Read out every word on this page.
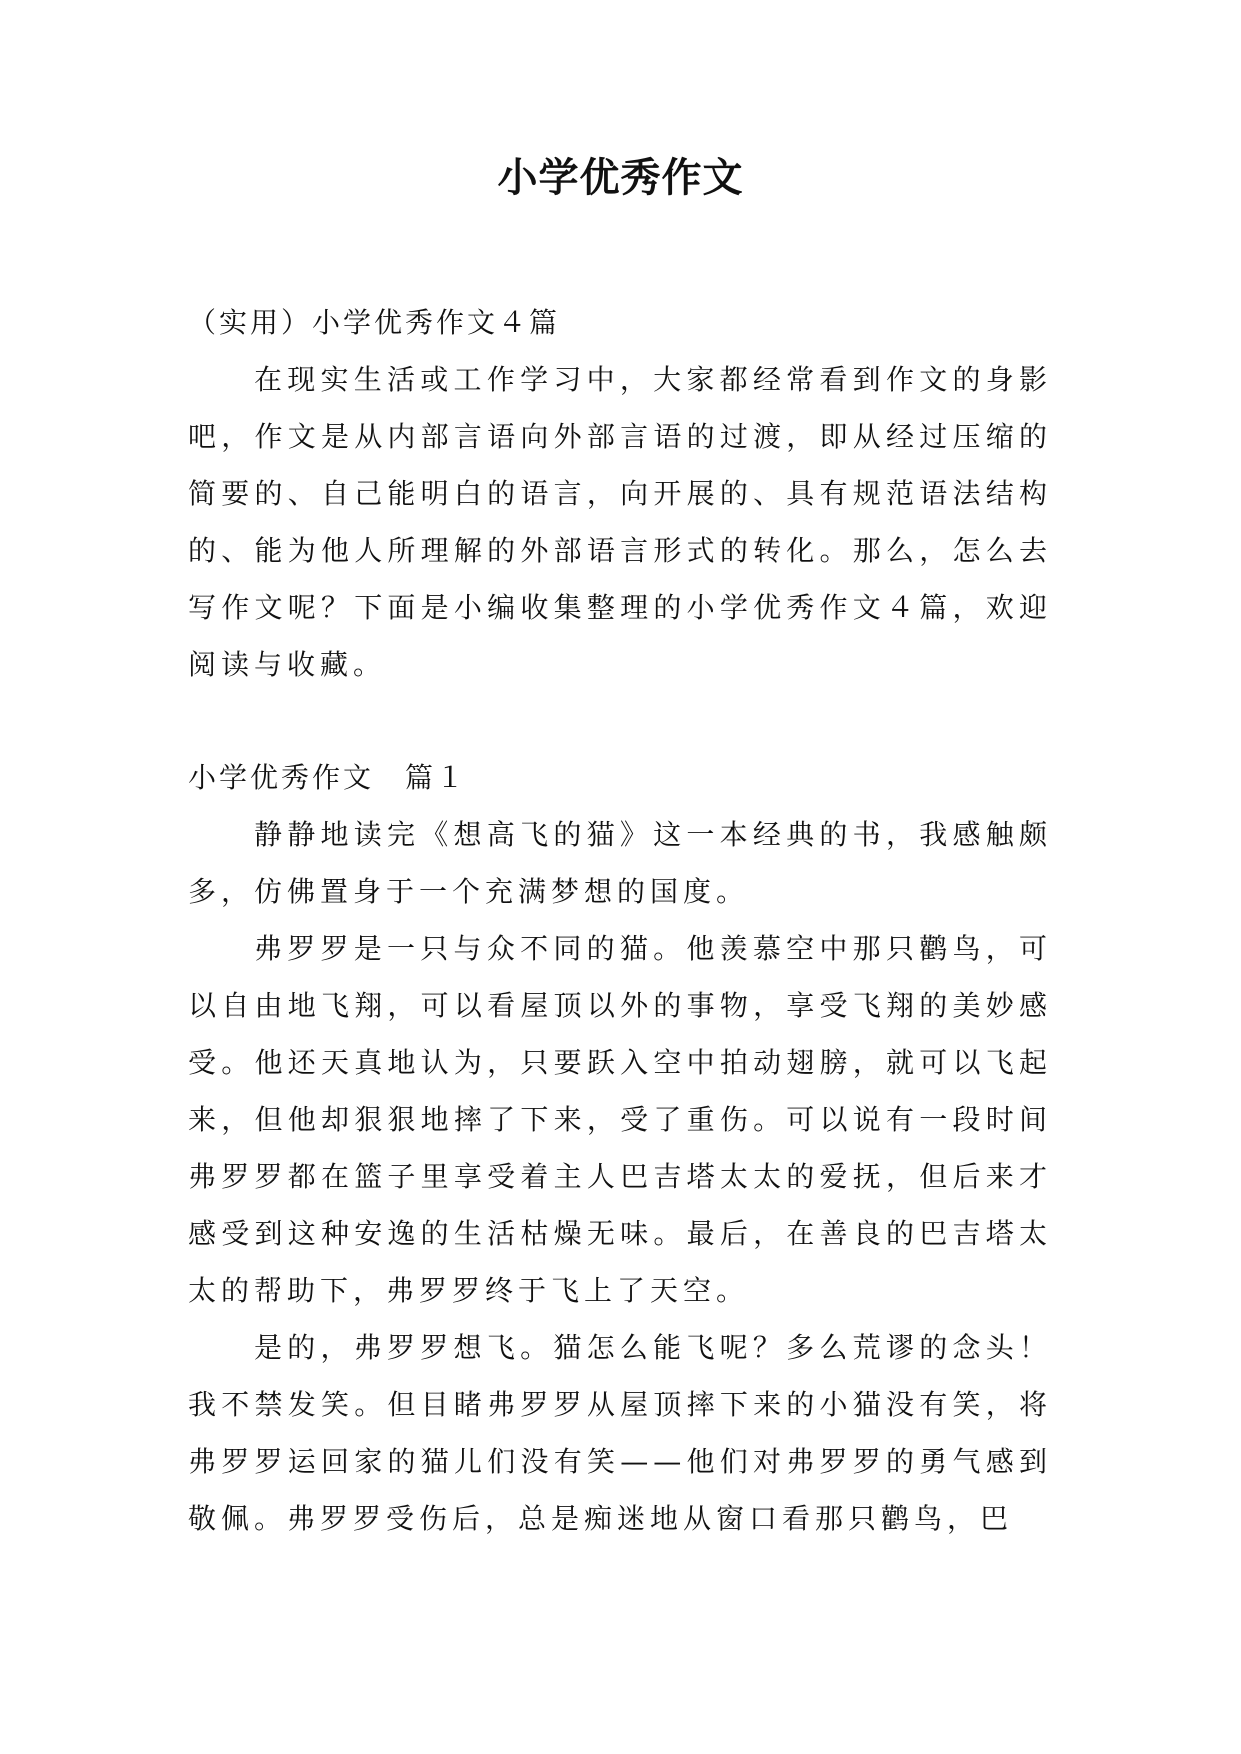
小学优秀作文

（实用）小学优秀作文４篇

在现实生活或工作学习中，大家都经常看到作文的身影吧，作文是从内部言语向外部言语的过渡，即从经过压缩的简要的、自己能明白的语言，向开展的、具有规范语法结构的、能为他人所理解的外部语言形式的转化。那么，怎么去写作文呢？下面是小编收集整理的小学优秀作文４篇，欢迎阅读与收藏。

小学优秀作文　篇１

静静地读完《想高飞的猫》这一本经典的书，我感触颇多，仿佛置身于一个充满梦想的国度。

弗罗罗是一只与众不同的猫。他羡慕空中那只鹳鸟，可以自由地飞翔，可以看屋顶以外的事物，享受飞翔的美妙感受。他还天真地认为，只要跃入空中拍动翅膀，就可以飞起来，但他却狠狠地摔了下来，受了重伤。可以说有一段时间弗罗罗都在篮子里享受着主人巴吉塔太太的爱抚，但后来才感受到这种安逸的生活枯燥无味。最后，在善良的巴吉塔太太的帮助下，弗罗罗终于飞上了天空。

是的，弗罗罗想飞。猫怎么能飞呢？多么荒谬的念头！我不禁发笑。但目睹弗罗罗从屋顶摔下来的小猫没有笑，将弗罗罗运回家的猫儿们没有笑——他们对弗罗罗的勇气感到敬佩。弗罗罗受伤后，总是痴迷地从窗口看那只鹳鸟，巴
